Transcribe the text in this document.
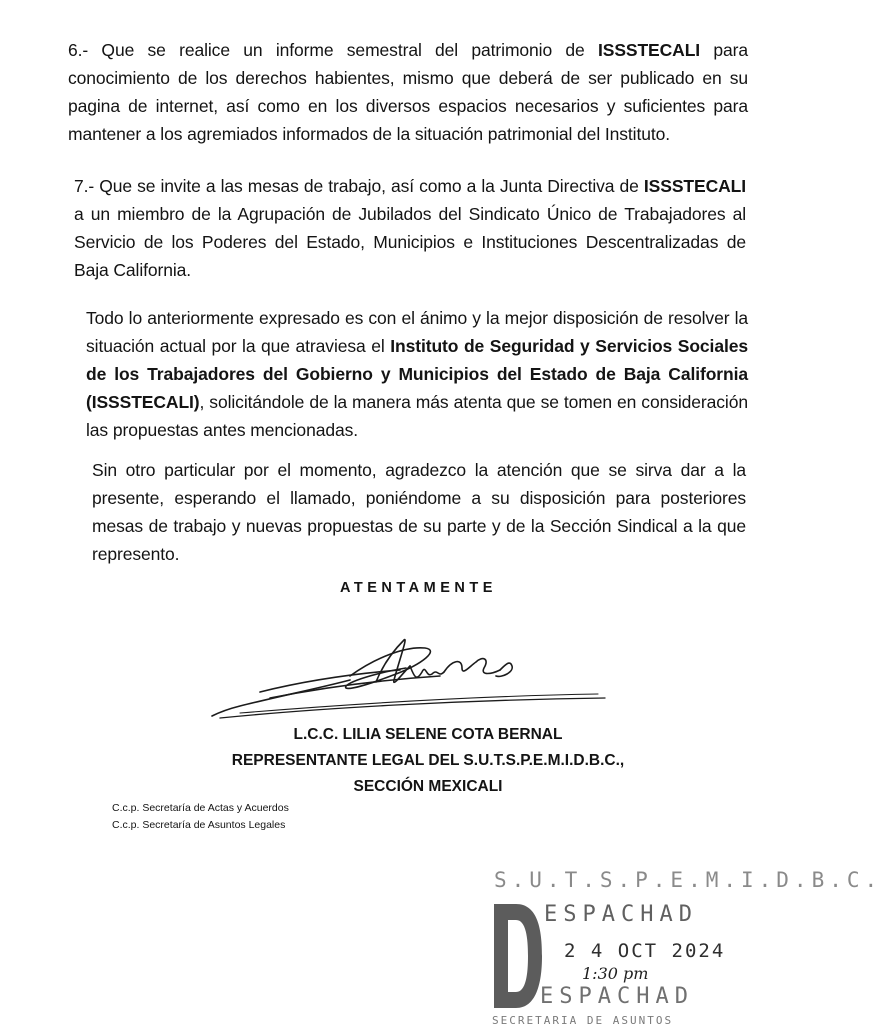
6.- Que se realice un informe semestral del patrimonio de ISSSTECALI para conocimiento de los derechos habientes, mismo que deberá de ser publicado en su pagina de internet, así como en los diversos espacios necesarios y suficientes para mantener a los agremiados informados de la situación patrimonial del Instituto.
7.- Que se invite a las mesas de trabajo, así como a la Junta Directiva de ISSSTECALI a un miembro de la Agrupación de Jubilados del Sindicato Único de Trabajadores al Servicio de los Poderes del Estado, Municipios e Instituciones Descentralizadas de Baja California.
Todo lo anteriormente expresado es con el ánimo y la mejor disposición de resolver la situación actual por la que atraviesa el Instituto de Seguridad y Servicios Sociales de los Trabajadores del Gobierno y Municipios del Estado de Baja California (ISSSTECALI), solicitándole de la manera más atenta que se tomen en consideración las propuestas antes mencionadas.
Sin otro particular por el momento, agradezco la atención que se sirva dar a la presente, esperando el llamado, poniéndome a su disposición para posteriores mesas de trabajo y nuevas propuestas de su parte y de la Sección Sindical a la que represento.
ATENTAMENTE
L.C.C. LILIA SELENE COTA BERNAL
REPRESENTANTE LEGAL DEL S.U.T.S.P.E.M.I.D.B.C.,
SECCIÓN MEXICALI
C.c.p. Secretaría de Actas y Acuerdos
C.c.p. Secretaría de Asuntos Legales
S.U.T.S.P.E.M.I.D.B.C.
ESPACHAD
2 4 OCT 2024
1:30 pm
ESPACHAD
SECRETARIA DE ASUNTOS
